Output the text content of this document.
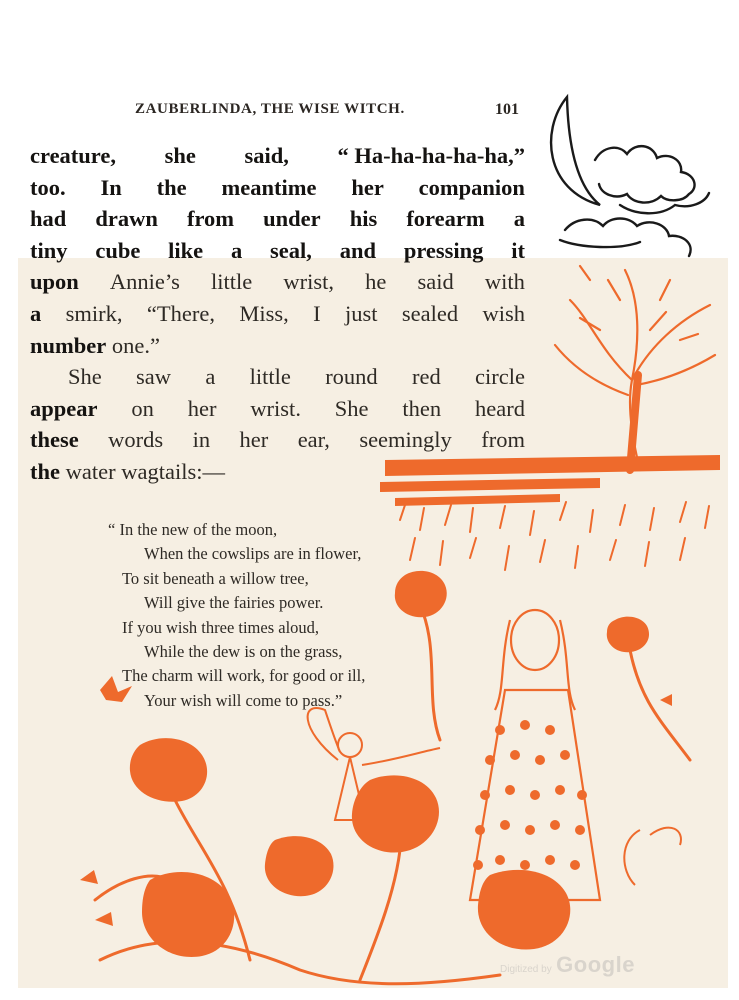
ZAUBERLINDA, THE WISE WITCH.	101
creature, she said, “ Ha-ha-ha-ha-ha,”
too. In the meantime her companion
had drawn from under his forearm a
tiny cube like a seal, and pressing it
upon Annie’s little wrist, he said with
a smirk, “There, Miss, I just sealed wish
number
one.”
She saw a little round red circle
appear on her wrist. She then heard
these words in her ear, seemingly from
the
water
wagtails:—
“ In the new of the moon,
When the cowslips are in flower,
To sit beneath a willow tree,
Will give the fairies power.
If you wish three times aloud,
While the dew is on the grass,
The charm will work, for good or ill,
Your wish will come to pass.”
Digitized by Google
